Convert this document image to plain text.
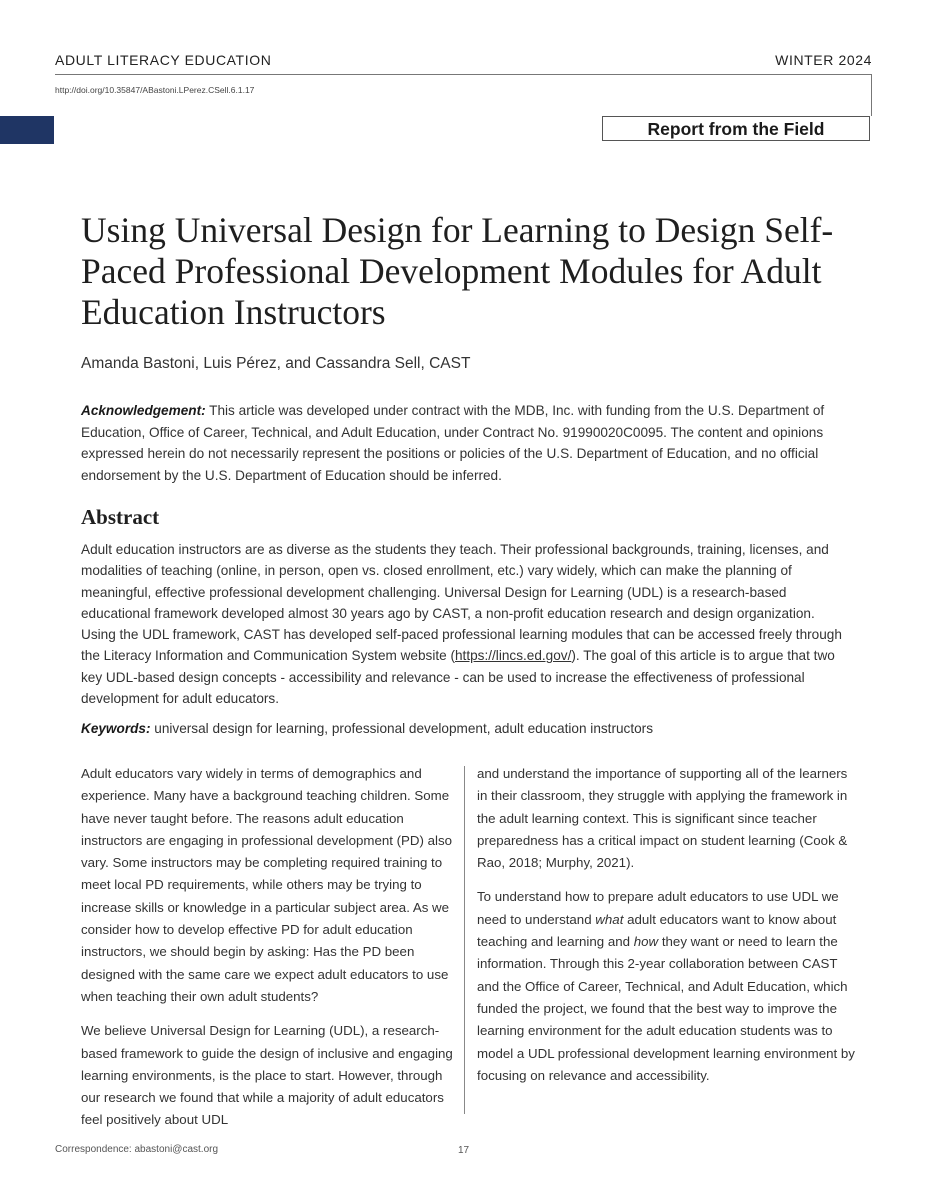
ADULT LITERACY EDUCATION	WINTER 2024
http://doi.org/10.35847/ABastoni.LPerez.CSell.6.1.17
Report from the Field
Using Universal Design for Learning to Design Self-Paced Professional Development Modules for Adult Education Instructors
Amanda Bastoni, Luis Pérez, and Cassandra Sell, CAST

Acknowledgement: This article was developed under contract with the MDB, Inc. with funding from the U.S. Department of Education, Office of Career, Technical, and Adult Education, under Contract No. 91990020C0095. The content and opinions expressed herein do not necessarily represent the positions or policies of the U.S. Department of Education, and no official endorsement by the U.S. Department of Education should be inferred.

Abstract

Adult education instructors are as diverse as the students they teach. Their professional backgrounds, training, licenses, and modalities of teaching (online, in person, open vs. closed enrollment, etc.) vary widely, which can make the planning of meaningful, effective professional development challenging. Universal Design for Learning (UDL) is a research-based educational framework developed almost 30 years ago by CAST, a non-profit education research and design organization. Using the UDL framework, CAST has developed self-paced professional learning modules that can be accessed freely through the Literacy Information and Communication System website (https://lincs.ed.gov/). The goal of this article is to argue that two key UDL-based design concepts - accessibility and relevance - can be used to increase the effectiveness of professional development for adult educators.

Keywords: universal design for learning, professional development, adult education instructors

Adult educators vary widely in terms of demographics and experience. Many have a background teaching children. Some have never taught before. The reasons adult education instructors are engaging in professional development (PD) also vary. Some instructors may be completing required training to meet local PD requirements, while others may be trying to increase skills or knowledge in a particular subject area. As we consider how to develop effective PD for adult education instructors, we should begin by asking: Has the PD been designed with the same care we expect adult educators to use when teaching their own adult students?

We believe Universal Design for Learning (UDL), a research-based framework to guide the design of inclusive and engaging learning environments, is the place to start. However, through our research we found that while a majority of adult educators feel positively about UDL

and understand the importance of supporting all of the learners in their classroom, they struggle with applying the framework in the adult learning context. This is significant since teacher preparedness has a critical impact on student learning (Cook & Rao, 2018; Murphy, 2021).

To understand how to prepare adult educators to use UDL we need to understand what adult educators want to know about teaching and learning and how they want or need to learn the information. Through this 2-year collaboration between CAST and the Office of Career, Technical, and Adult Education, which funded the project, we found that the best way to improve the learning environment for the adult education students was to model a UDL professional development learning environment by focusing on relevance and accessibility.

Correspondence: abastoni@cast.org	17
